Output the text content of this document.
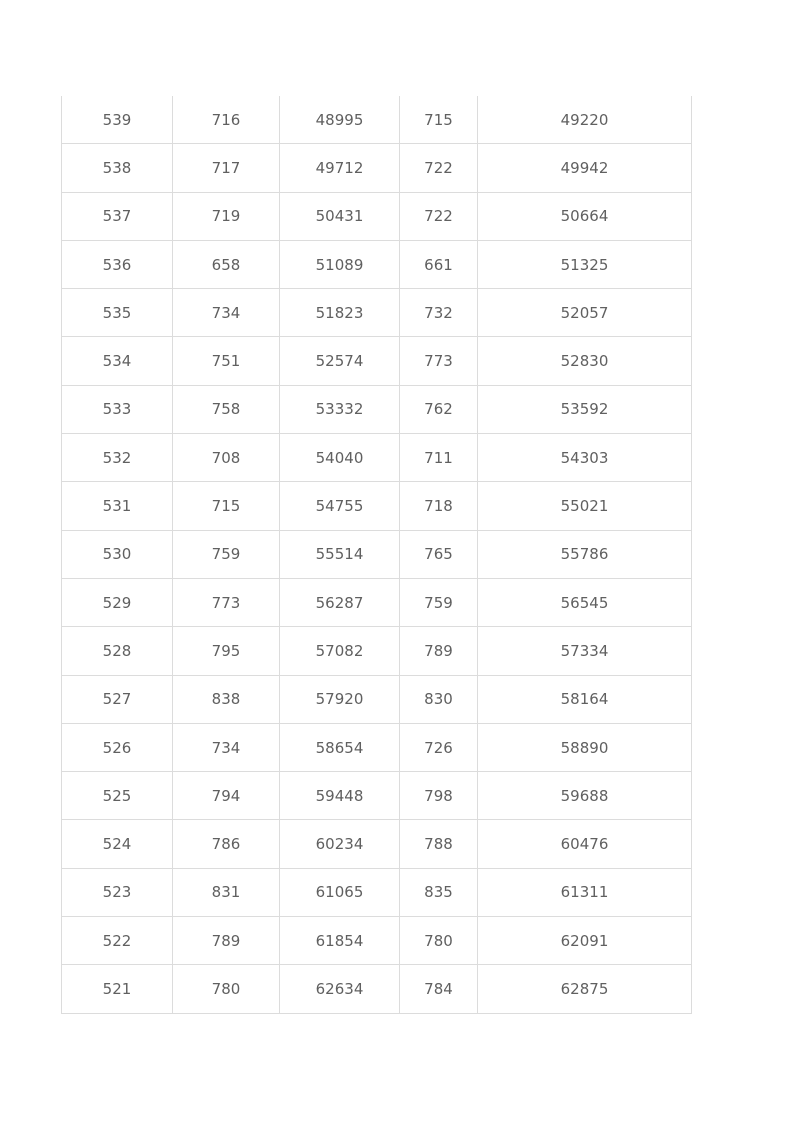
539	716	48995	715	49220
538	717	49712	722	49942
537	719	50431	722	50664
536	658	51089	661	51325
535	734	51823	732	52057
534	751	52574	773	52830
533	758	53332	762	53592
532	708	54040	711	54303
531	715	54755	718	55021
530	759	55514	765	55786
529	773	56287	759	56545
528	795	57082	789	57334
527	838	57920	830	58164
526	734	58654	726	58890
525	794	59448	798	59688
524	786	60234	788	60476
523	831	61065	835	61311
522	789	61854	780	62091
521	780	62634	784	62875
